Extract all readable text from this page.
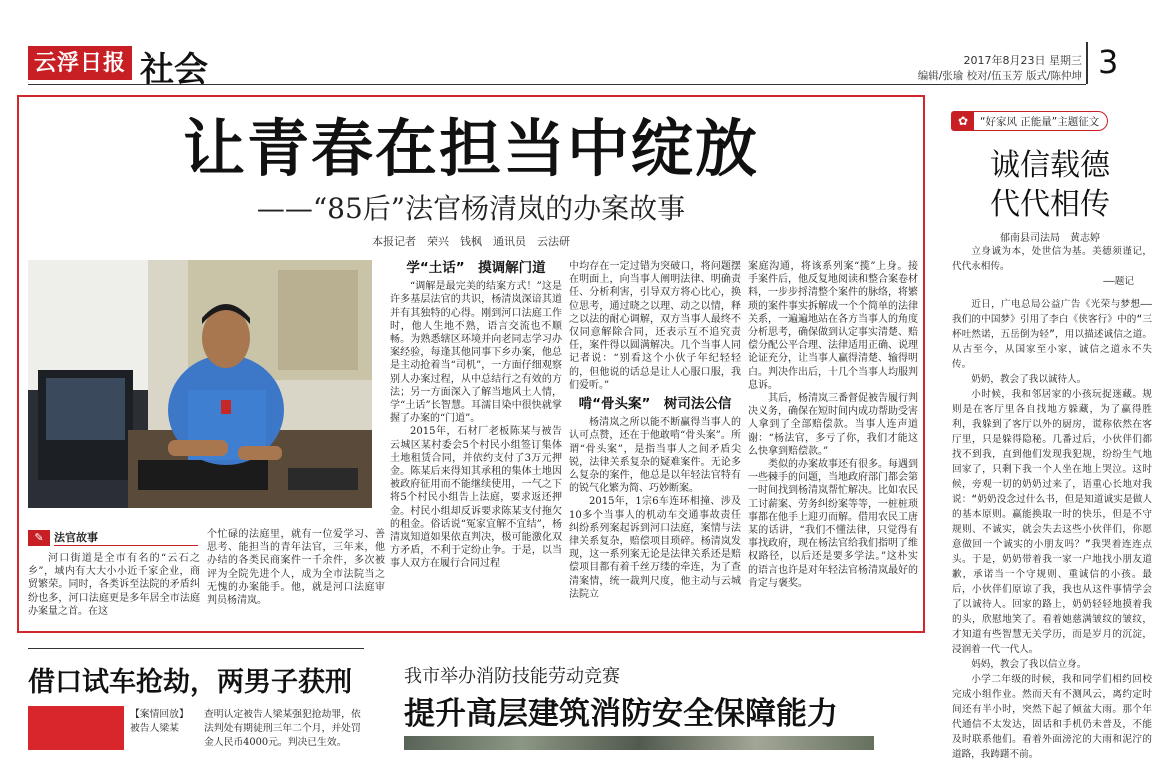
云浮日报 社会	2017年8月23日 星期三
编辑/张瑜 校对/伍玉芳 版式/陈仲坤 3
让青春在担当中绽放
——“85后”法官杨清岚的办案故事
本报记者　荣兴　钱枫　通讯员　云法研
✎ 法官故事

河口街道是全市有名的“云石之乡”，域内有大大小小近千家企业，商贸繁荣。同时，各类诉至法院的矛盾纠纷也多，河口法庭更是多年居全市法庭办案量之首。在这

个忙碌的法庭里，就有一位爱学习、善思考、能担当的青年法官，三年来，他办结的各类民商案件一千余件，多次被评为全院先进个人，成为全市法院当之无愧的办案能手。他，就是河口法庭审判员杨清岚。

学“土话”　摸调解门道

“调解是最完美的结案方式！”这是许多基层法官的共识，杨清岚深谙其道并有其独特的心得。刚到河口法庭工作时，他人生地不熟，语言交流也不顺畅。为熟悉辖区环境并向老同志学习办案经验，每逢其他同事下乡办案，他总是主动抢着当“司机”，一方面仔细观察别人办案过程，从中总结行之有效的方法；另一方面深入了解当地风土人情，学“土话”长智慧。耳濡目染中很快就掌握了办案的“门道”。

2015年，石材厂老板陈某与被告云城区某村委会5个村民小组签订集体土地租赁合同，并依约支付了3万元押金。陈某后来得知其承租的集体土地因被政府征用而不能继续使用，一气之下将5个村民小组告上法庭，要求返还押金。村民小组却反诉要求陈某支付拖欠的租金。俗话说“冤家宜解不宜结”，杨清岚知道如果依直判决，极可能激化双方矛盾，不利于定纷止争。于是，以当事人双方在履行合同过程

中均存在一定过错为突破口，将问题摆在明面上，向当事人阐明法律、明确责任、分析利害，引导双方将心比心，换位思考，通过晓之以理、动之以情，释之以法的耐心调解，双方当事人最终不仅同意解除合同，还表示互不追究责任，案件得以圆满解决。几个当事人同记者说：“别看这个小伙子年纪轻轻的，但他说的话总是让人心服口服，我们爱听。”

啃“骨头案”　树司法公信

杨清岚之所以能不断赢得当事人的认可点赞，还在于他敢啃“骨头案”。所谓“骨头案”，是指当事人之间矛盾尖锐，法律关系复杂的疑难案件。无论多么复杂的案件，他总是以年轻法官特有的锐气化繁为简、巧妙断案。

2015年，1宗6车连环相撞、涉及10多个当事人的机动车交通事故责任纠纷系列案起诉到河口法庭，案情与法律关系复杂，赔偿项目琐碎。杨清岚发现，这一系列案无论是法律关系还是赔偿项目都有着千丝万缕的牵连，为了查清案情，统一裁判尺度，他主动与云城法院立

案庭沟通，将该系列案“揽”上身。接手案件后，他反复地阅读和整合案卷材料，一步步捋清整个案件的脉络，将繁琐的案件事实拆解成一个个简单的法律关系，一遍遍地站在各方当事人的角度分析思考，确保做到认定事实清楚、赔偿分配公平合理、法律适用正确、说理论证充分，让当事人赢得清楚、输得明白。判决作出后，十几个当事人均服判息诉。

其后，杨清岚三番督促被告履行判决义务，确保在短时间内成功帮助受害人拿到了全部赔偿款。当事人连声道谢：“杨法官，多亏了你，我们才能这么快拿到赔偿款。”

类似的办案故事还有很多。每遇到一些棘手的问题，当地政府部门都会第一时间找到杨清岚帮忙解决。比如农民工讨薪案、劳务纠纷案等等，一桩桩琐事都在他手上迎刃而解。借用农民工唐某的话讲，“我们不懂法律，只觉得有事找政府，现在杨法官给我们指明了维权路径，以后还是要多学法。”这朴实的语言也许是对年轻法官杨清岚最好的肯定与褒奖。

✿	“好家风 正能量”主题征文
诚信载德
代代相传
郁南县司法局　黄志婷

立身诚为本，处世信为基。美德须谨记，代代永相传。

——题记

近日，广电总局公益广告《光荣与梦想——我们的中国梦》引用了李白《侠客行》中的“三杯吐然诺，五岳倒为轻”，用以描述诚信之道。从古至今，从国家至小家，诚信之道永不失传。

奶奶，教会了我以诚待人。

小时候，我和邻居家的小孩玩捉迷藏。规则是在客厅里各自找地方躲藏，为了赢得胜利，我躲到了客厅以外的厨房，谎称依然在客厅里，只是躲得隐秘。几番过后，小伙伴们都找不到我，直到他们发现我犯规，纷纷生气地回家了，只剩下我一个人坐在地上哭泣。这时候，旁观一切的奶奶过来了，语重心长地对我说：“奶奶没念过什么书，但是知道诚实是做人的基本原则。赢能换取一时的快乐，但是不守规则、不诚实，就会失去这些小伙伴们，你愿意做回一个诚实的小朋友吗？”我哭着连连点头。于是，奶奶带着我一家一户地找小朋友道歉，承诺当一个守规则、重诚信的小孩。最后，小伙伴们原谅了我，我也从这件事情学会了以诚待人。回家的路上，奶奶轻轻地摸着我的头，欣慰地笑了。看着她慈满皱纹的皱纹，才知道有些智慧无关学历，而是岁月的沉淀，浸润着一代一代人。

妈妈，教会了我以信立身。

小学二年级的时候，我和同学们相约回校完成小组作业。然而天有不测风云，离约定时间还有半小时，突然下起了倾盆大雨。那个年代通信不太发达，固话和手机仍未普及，不能及时联系他们。看着外面滂沱的大雨和泥泞的道路，我踌躇不前。

借口试车抢劫，两男子获刑
【案情回放】被告人梁某
查明认定被告人梁某强犯抢劫罪，依法判处有期徒刑三年二个月，并处罚金人民币4000元。判决已生效。
我市举办消防技能劳动竞赛
提升高层建筑消防安全保障能力
